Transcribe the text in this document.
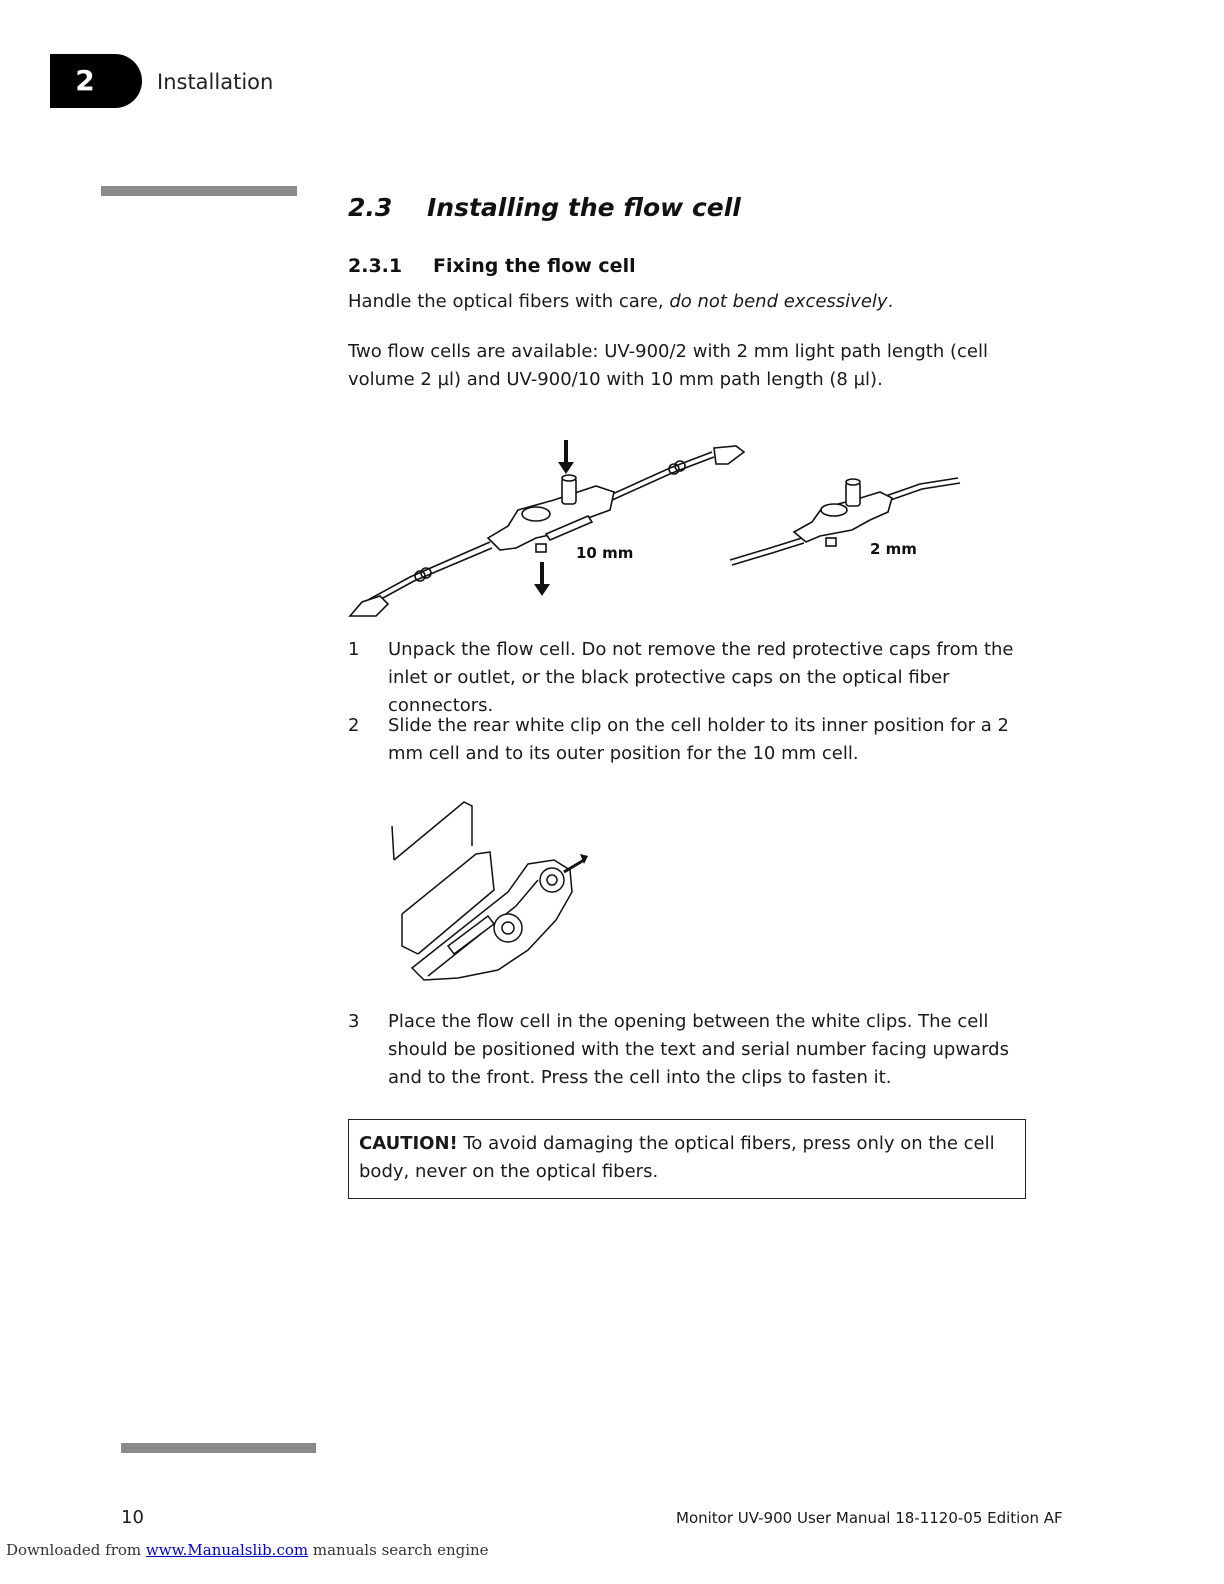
2	Installation
2.3 Installing the flow cell
2.3.1 Fixing the flow cell
Handle the optical fibers with care, do not bend excessively.
Two flow cells are available: UV-900/2 with 2 mm light path length (cell volume 2 µl) and UV-900/10 with 10 mm path length (8 µl).
10 mm	2 mm
1	Unpack the flow cell. Do not remove the red protective caps from the inlet or outlet, or the black protective caps on the optical fiber connectors.
2	Slide the rear white clip on the cell holder to its inner position for a 2 mm cell and to its outer position for the 10 mm cell.
3	Place the flow cell in the opening between the white clips. The cell should be positioned with the text and serial number facing upwards and to the front. Press the cell into the clips to fasten it.
CAUTION! To avoid damaging the optical fibers, press only on the cell body, never on the optical fibers.
10	Monitor UV-900 User Manual 18-1120-05 Edition AF
Downloaded from www.Manualslib.com manuals search engine
